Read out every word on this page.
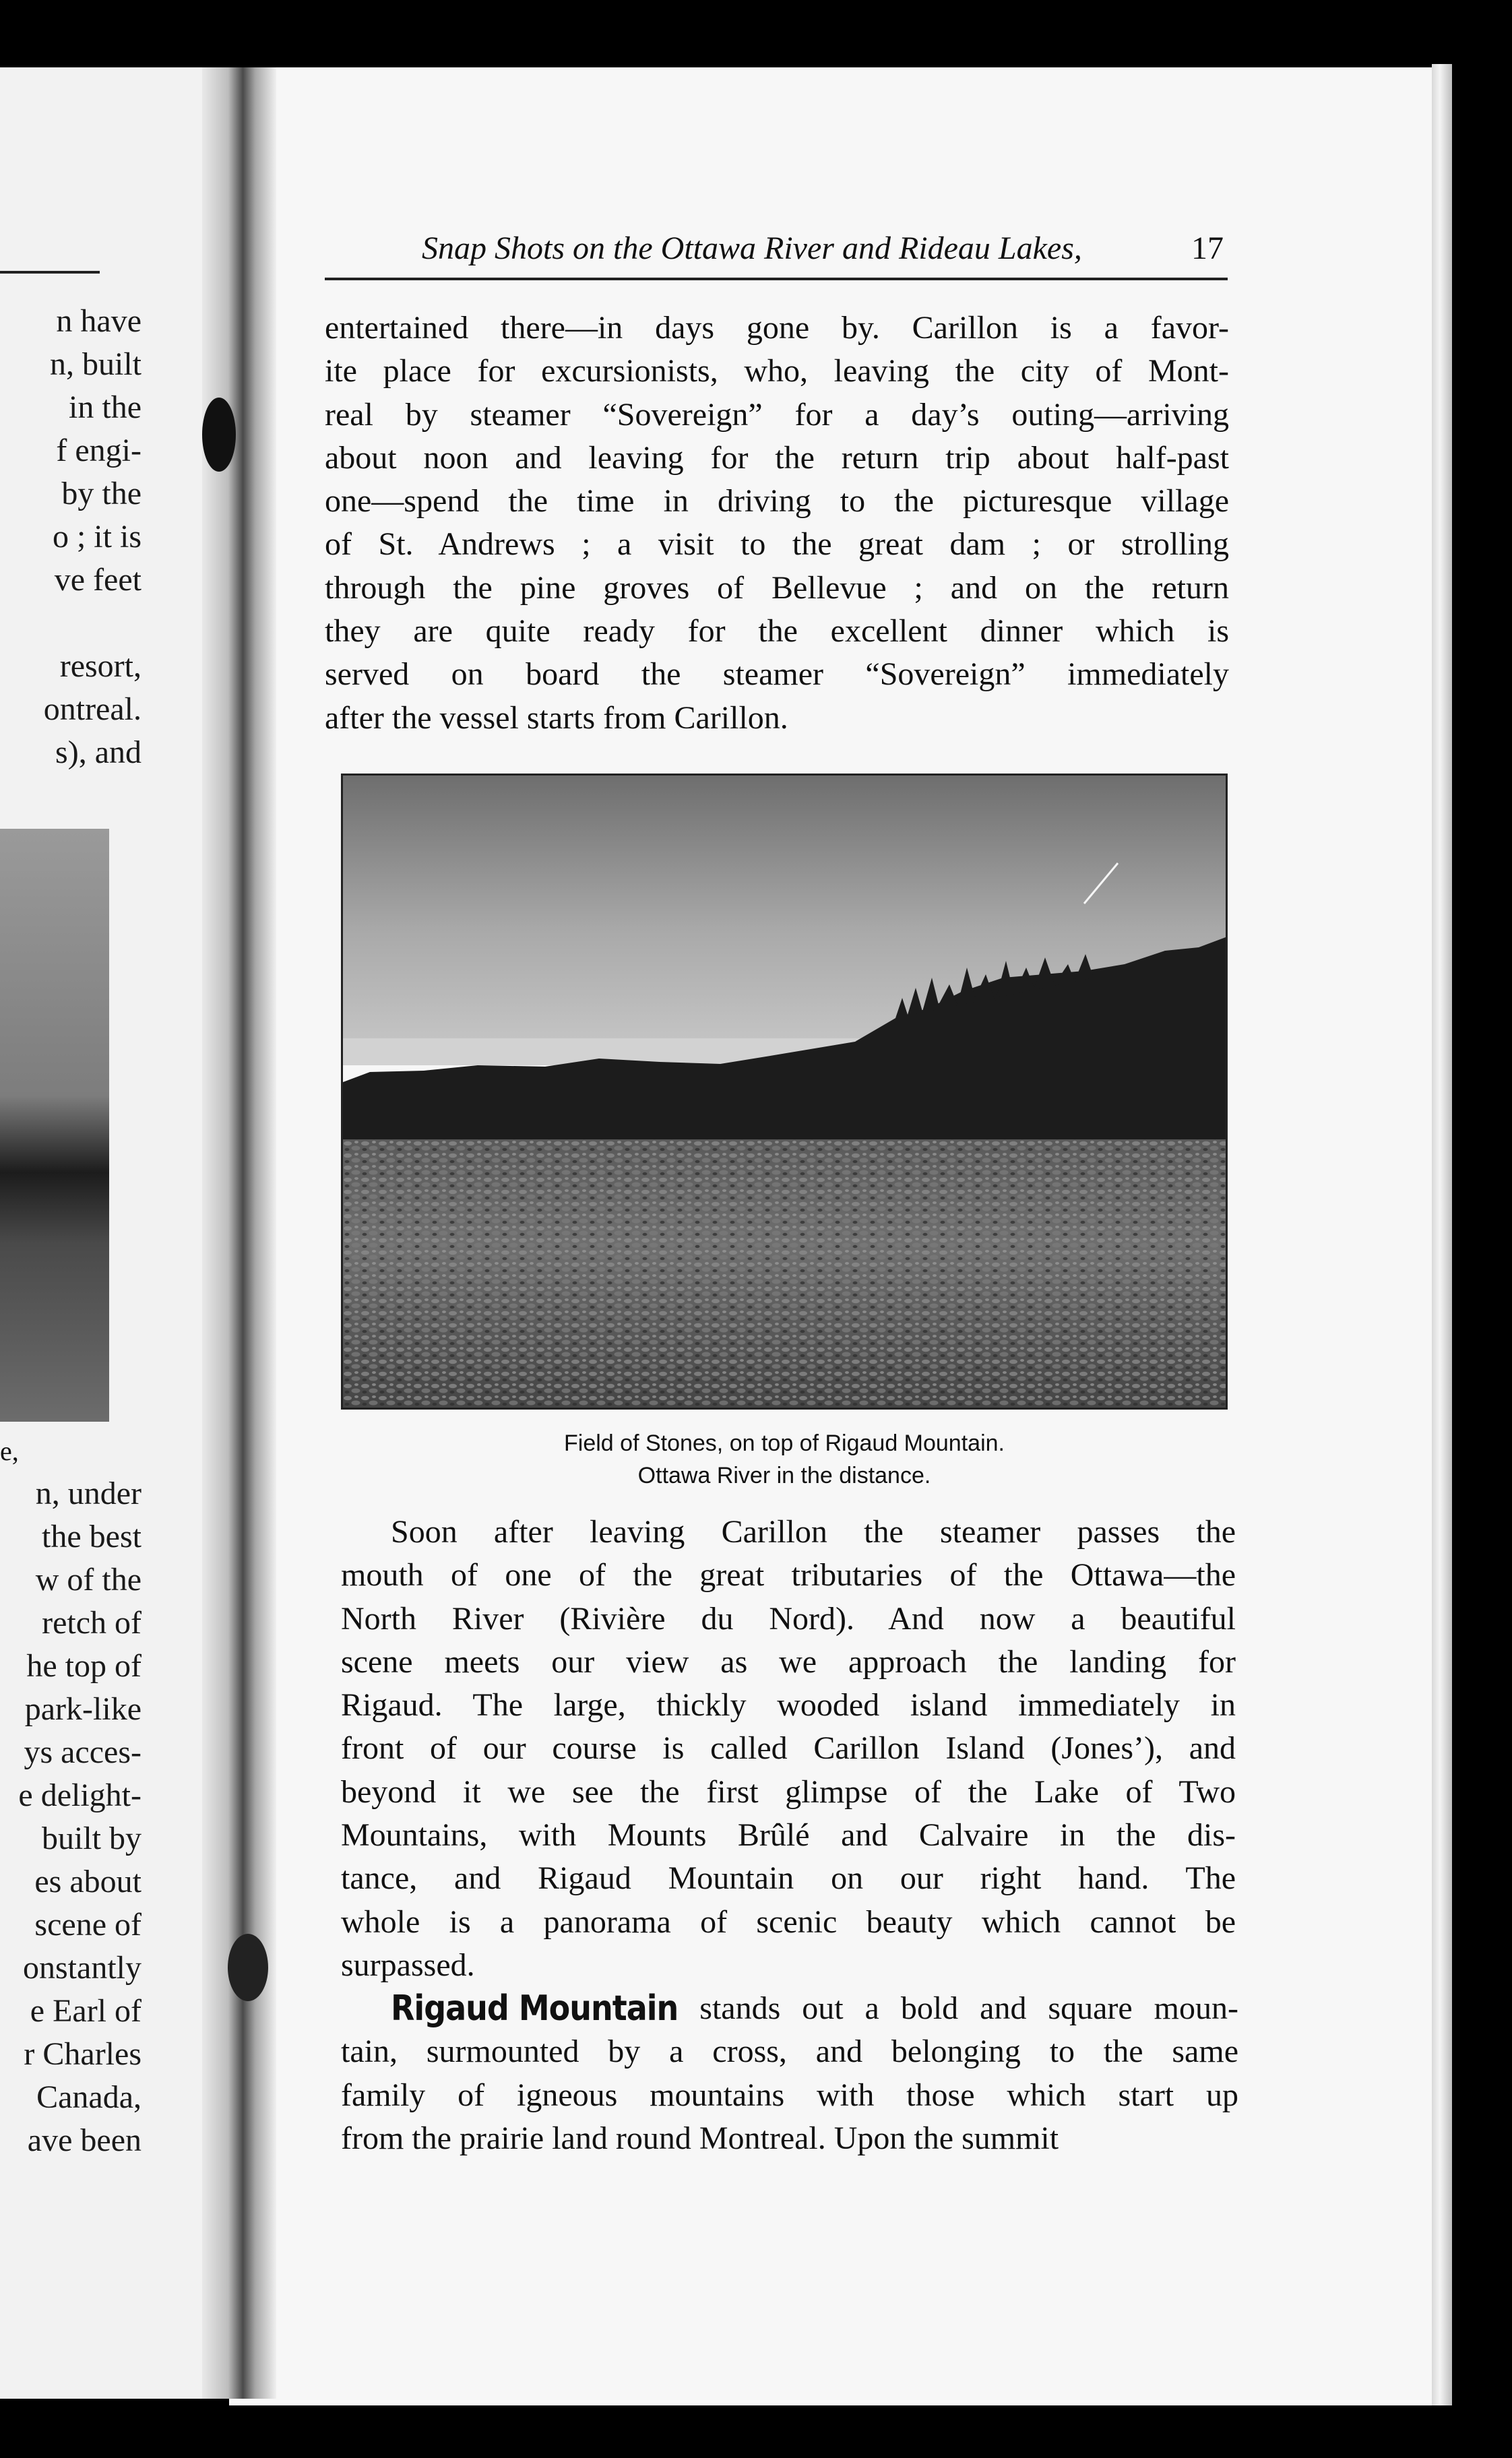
n have
n, built
in the
f engi-
by the
o ; it is
ve feet

resort,
ontreal.
s), and
e,
n, under
the best
w of the
retch of
he top of
park-like
ys acces-
e delight-
built by
es about
scene of
onstantly
e Earl of
r Charles
Canada,
ave been
Snap Shots on the Ottawa River and Rideau Lakes,	17
entertained there—in days gone by. Carillon is a favor-
ite place for excursionists, who, leaving the city of Mont-
real by steamer “Sovereign” for a day’s outing—arriving
about noon and leaving for the return trip about half-past
one—spend the time in driving to the picturesque village
of St. Andrews ; a visit to the great dam ; or strolling
through the pine groves of Bellevue ; and on the return
they are quite ready for the excellent dinner which is
served on board the steamer “Sovereign” immediately
after the vessel starts from Carillon.
Field of Stones, on top of Rigaud Mountain.
Ottawa River in the distance.
Soon after leaving Carillon the steamer passes the
mouth of one of the great tributaries of the Ottawa—the
North River (Rivière du Nord). And now a beautiful
scene meets our view as we approach the landing for
Rigaud. The large, thickly wooded island immediately in
front of our course is called Carillon Island (Jones’), and
beyond it we see the first glimpse of the Lake of Two
Mountains, with Mounts Brûlé and Calvaire in the dis-
tance, and Rigaud Mountain on our right hand. The
whole is a panorama of scenic beauty which cannot be
surpassed.
Rigaud Mountain stands out a bold and square moun-
tain, surmounted by a cross, and belonging to the same
family of igneous mountains with those which start up
from the prairie land round Montreal. Upon the summit
